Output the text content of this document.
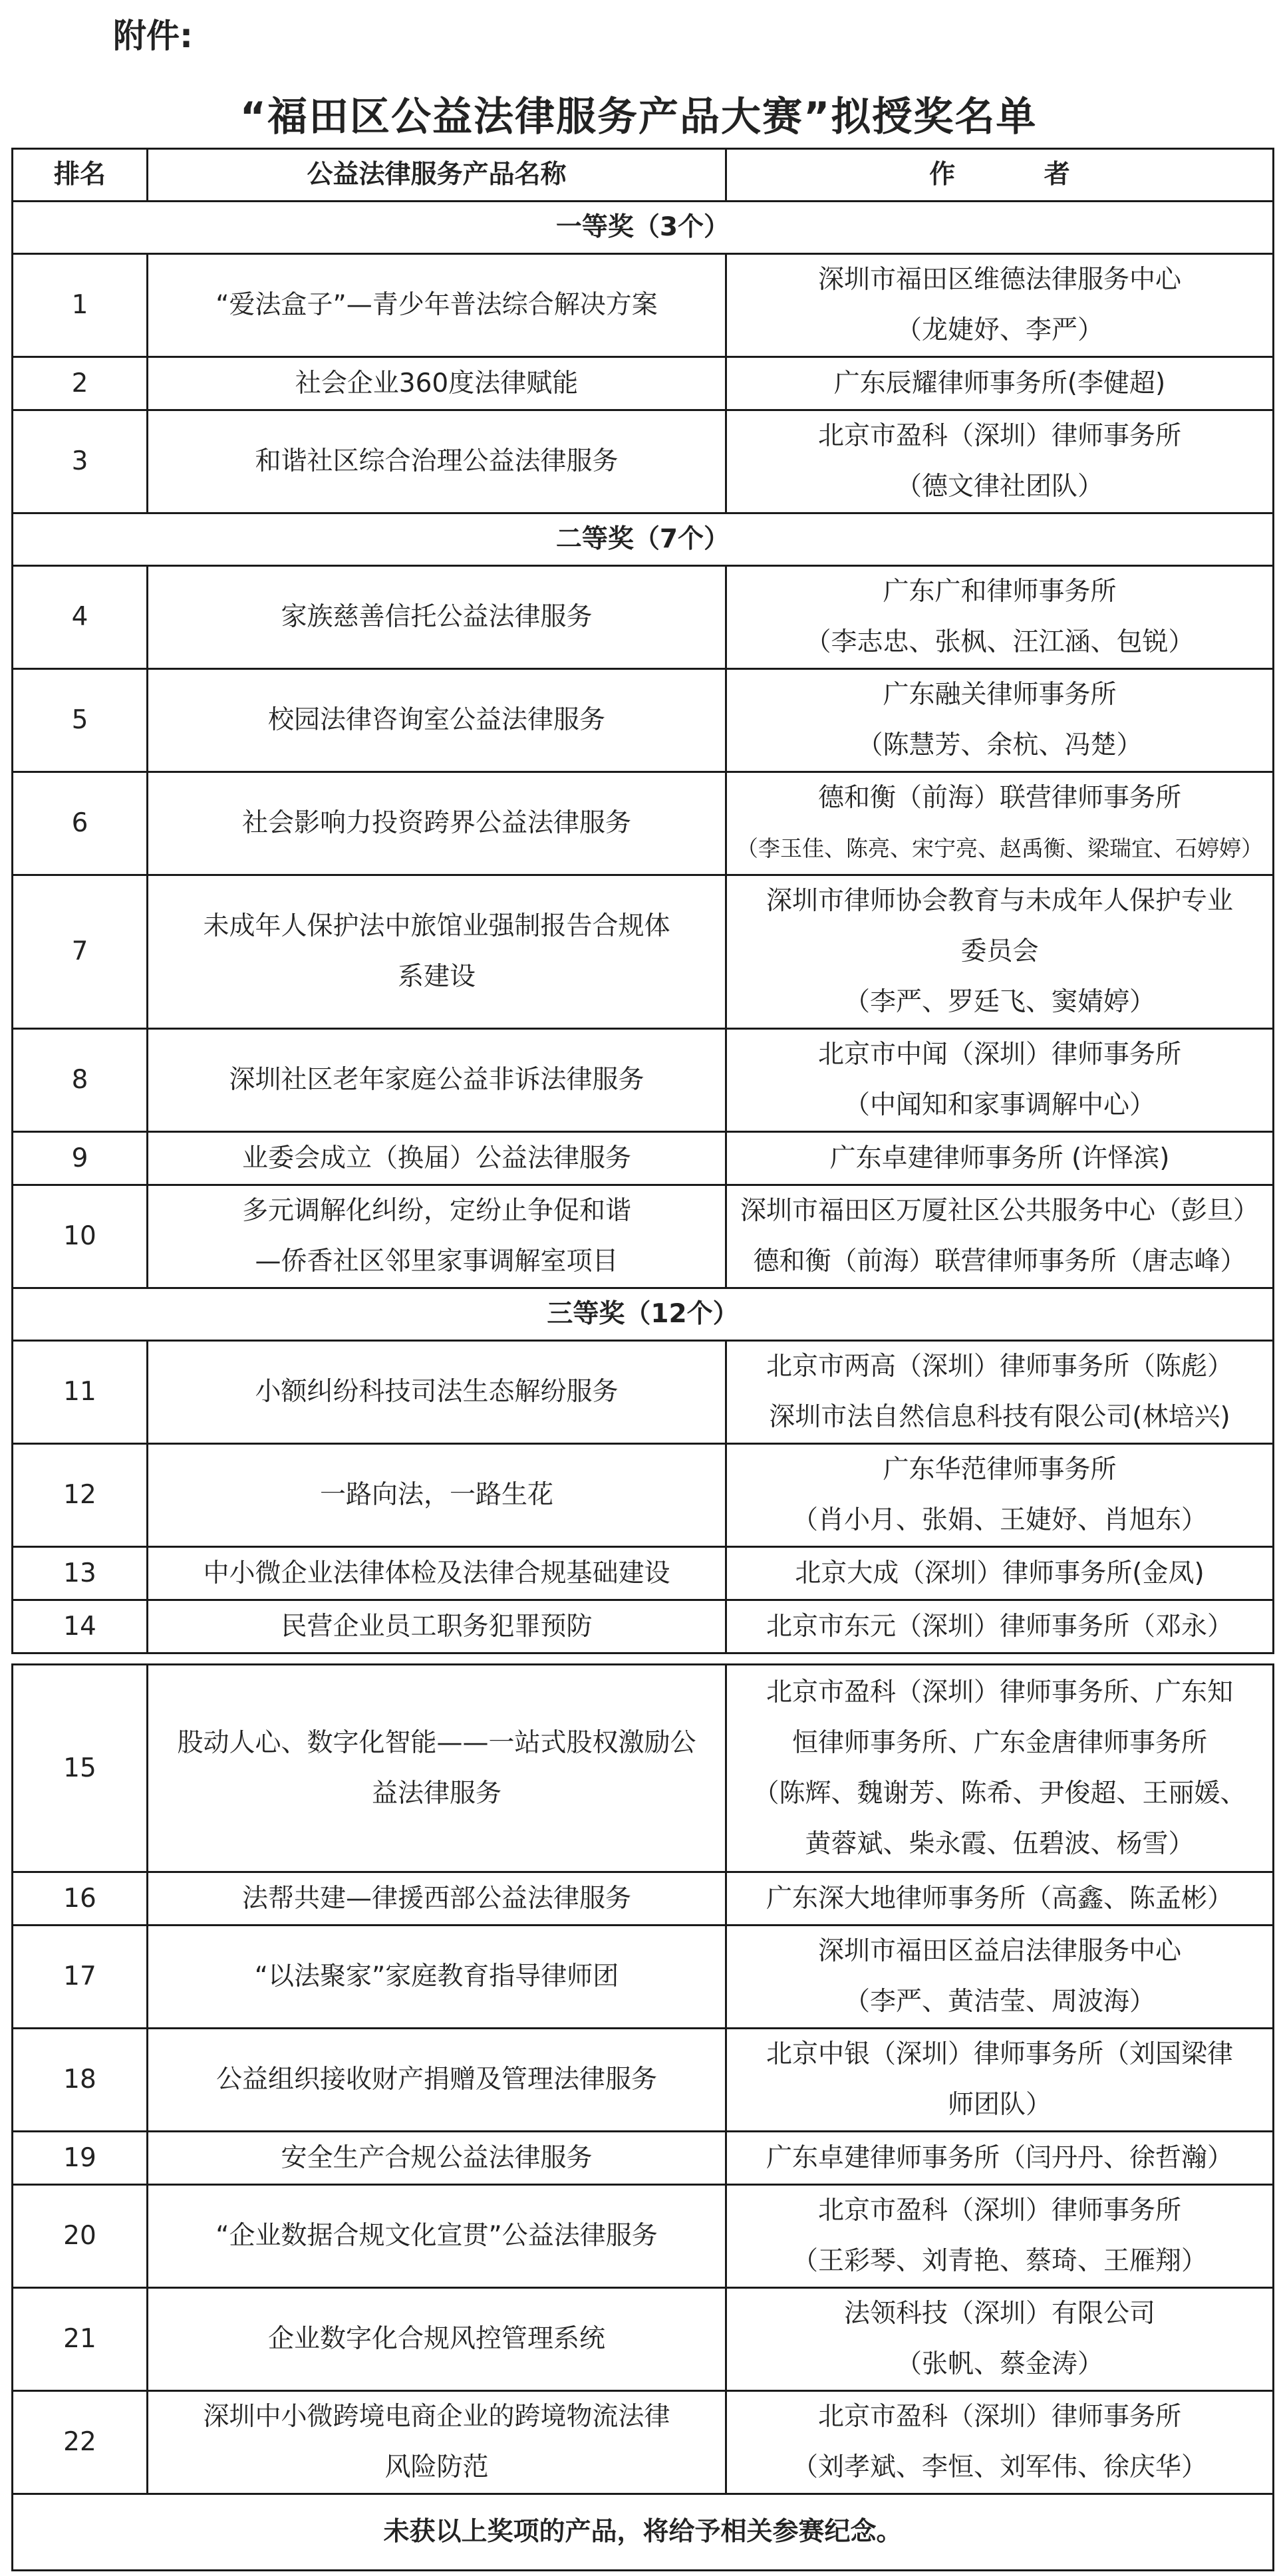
附件:
“福田区公益法律服务产品大赛”拟授奖名单
排名	公益法律服务产品名称	作 者
一等奖（3个）		
1	“爱法盒子”—青少年普法综合解决方案	深圳市福田区维德法律服务中心
（龙婕妤、李严）

2	社会企业360度法律赋能	广东辰耀律师事务所(李健超)

3	和谐社区综合治理公益法律服务	北京市盈科（深圳）律师事务所
（德文律社团队）

二等奖（7个）		
4	家族慈善信托公益法律服务	广东广和律师事务所
（李志忠、张枫、汪江涵、包锐）

5	校园法律咨询室公益法律服务	广东融关律师事务所
（陈慧芳、余杭、冯楚）

6	社会影响力投资跨界公益法律服务	德和衡（前海）联营律师事务所
（李玉佳、陈亮、宋宁亮、赵禹衡、梁瑞宜、石婷婷）

7	未成年人保护法中旅馆业强制报告合规体
系建设	深圳市律师协会教育与未成年人保护专业
委员会
（李严、罗廷飞、窦婧婷）

8	深圳社区老年家庭公益非诉法律服务	北京市中闻（深圳）律师事务所
（中闻知和家事调解中心）

9	业委会成立（换届）公益法律服务	广东卓建律师事务所 (许怿滨)

10	多元调解化纠纷，定纷止争促和谐
—侨香社区邻里家事调解室项目	深圳市福田区万厦社区公共服务中心（彭旦）
德和衡（前海）联营律师事务所（唐志峰）

三等奖（12个）		
11	小额纠纷科技司法生态解纷服务	北京市两高（深圳）律师事务所（陈彪）
深圳市法自然信息科技有限公司(林培兴)

12	一路向法，一路生花	广东华范律师事务所
（肖小月、张娟、王婕妤、肖旭东）

13	中小微企业法律体检及法律合规基础建设	北京大成（深圳）律师事务所(金凤)

14	民营企业员工职务犯罪预防	北京市东元（深圳）律师事务所（邓永）
15	股动人心、数字化智能——一站式股权激励公
益法律服务	北京市盈科（深圳）律师事务所、广东知
恒律师事务所、广东金唐律师事务所
（陈辉、魏谢芳、陈希、尹俊超、王丽媛、
黄蓉斌、柴永霞、伍碧波、杨雪）

16	法帮共建—律援西部公益法律服务	广东深大地律师事务所（高鑫、陈孟彬）

17	“以法聚家”家庭教育指导律师团	深圳市福田区益启法律服务中心
（李严、黄洁莹、周波海）

18	公益组织接收财产捐赠及管理法律服务	北京中银（深圳）律师事务所（刘国梁律
师团队）

19	安全生产合规公益法律服务	广东卓建律师事务所（闫丹丹、徐哲瀚）

20	“企业数据合规文化宣贯”公益法律服务	北京市盈科（深圳）律师事务所
（王彩琴、刘青艳、蔡琦、王雁翔）

21	企业数字化合规风控管理系统	法领科技（深圳）有限公司
（张帆、蔡金涛）

22	深圳中小微跨境电商企业的跨境物流法律
风险防范	北京市盈科（深圳）律师事务所
（刘孝斌、李恒、刘军伟、徐庆华）

未获以上奖项的产品，将给予相关参赛纪念。		
